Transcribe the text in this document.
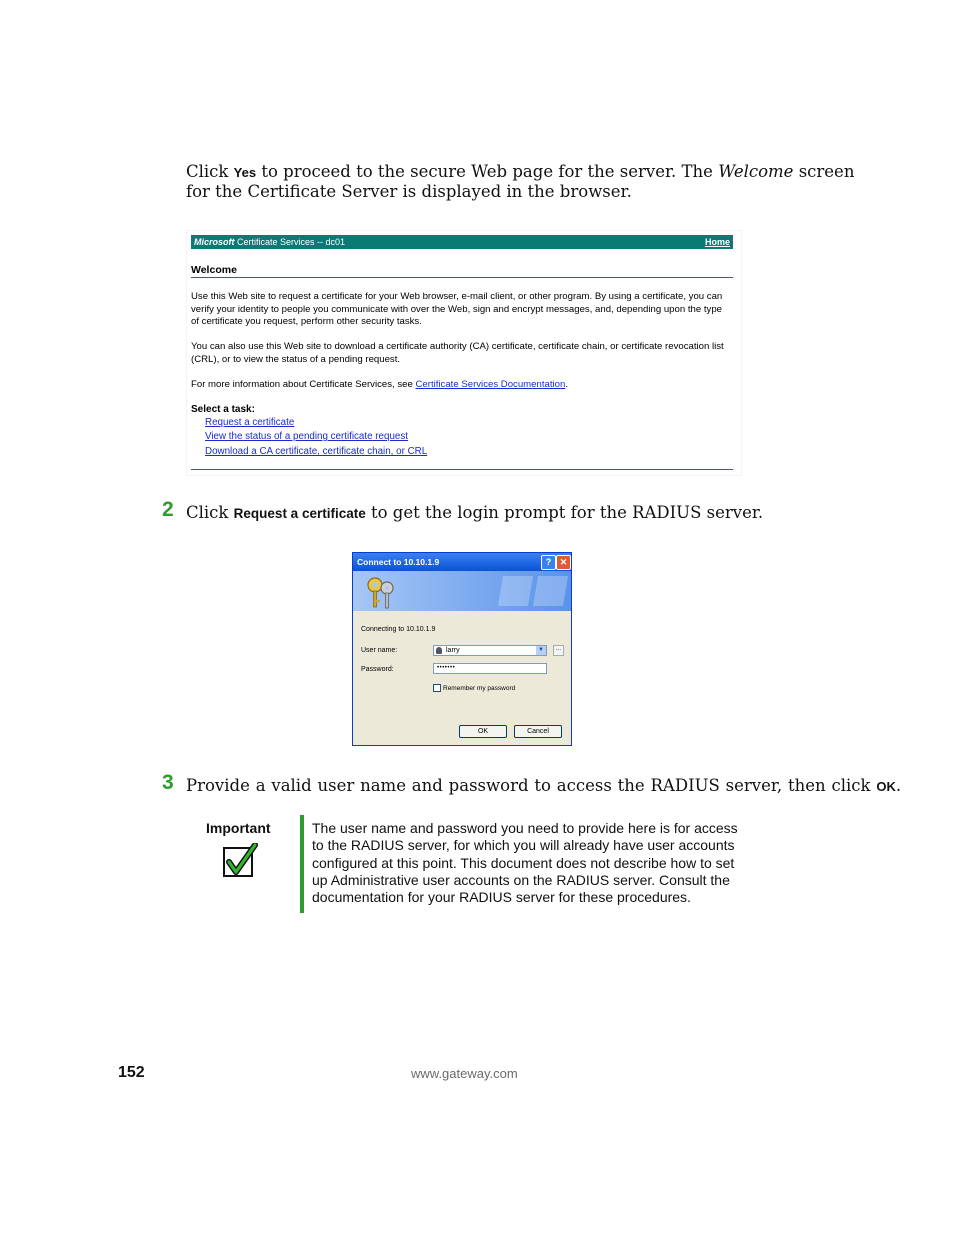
Click Yes to proceed to the secure Web page for the server. The Welcome screen
for the Certificate Server is displayed in the browser.
Microsoft Certificate Services -- dc01	Home
Welcome

Use this Web site to request a certificate for your Web browser, e-mail client, or other program. By using a certificate, you can verify your identity to people you communicate with over the Web, sign and encrypt messages, and, depending upon the type of certificate you request, perform other security tasks.

You can also use this Web site to download a certificate authority (CA) certificate, certificate chain, or certificate revocation list (CRL), or to view the status of a pending request.

For more information about Certificate Services, see Certificate Services Documentation.

Select a task:
Request a certificate
View the status of a pending certificate request
Download a CA certificate, certificate chain, or CRL
2 Click Request a certificate to get the login prompt for the RADIUS server.
Connect to 10.10.1.9	? ✕
Connecting to 10.10.1.9
User name:	larry	▼	...
Password:	•••••••
Remember my password
OK	Cancel
3 Provide a valid user name and password to access the RADIUS server, then click OK.
Important	The user name and password you need to provide here is for access to the RADIUS server, for which you will already have user accounts configured at this point. This document does not describe how to set up Administrative user accounts on the RADIUS server. Consult the documentation for your RADIUS server for these procedures.
152	www.gateway.com
